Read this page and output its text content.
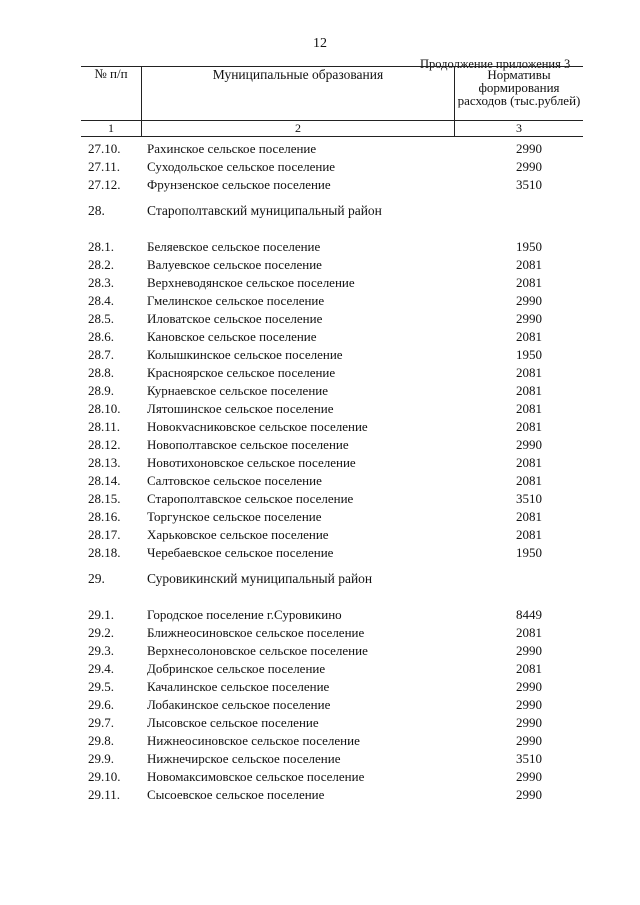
12
Продолжение приложения 3
№ п/п	Муниципальные образования	Нормативы формирования расходов (тыс.рублей)
1	2	3
27.10. Рахинское сельское поселение	2990
27.11. Суходольское сельское поселение	2990
27.12. Фрунзенское сельское поселение	3510
28.	Старополтавский муниципальный район
28.1.	Беляевское сельское поселение	1950
28.2.	Валуевское сельское поселение	2081
28.3.	Верхневодянское сельское поселение	2081
28.4.	Гмелинское сельское поселение	2990
28.5.	Иловатское сельское поселение	2990
28.6.	Кановское сельское поселение	2081
28.7.	Колышкинское сельское поселение	1950
28.8.	Красноярское сельское поселение	2081
28.9.	Курнаевское сельское поселение	2081
28.10. Лятошинское сельское поселение	2081
28.11. Новокvасниковское сельское поселение	2081
28.12. Новополтавское сельское поселение	2990
28.13. Новотихоновское сельское поселение	2081
28.14. Салтовское сельское поселение	2081
28.15. Старополтавское сельское поселение	3510
28.16. Торгунское сельское поселение	2081
28.17. Харьковское сельское поселение	2081
28.18. Черебаевское сельское поселение	1950
29.	Суровикинский муниципальный район
29.1.	Городское поселение г.Суровикино	8449
29.2.	Ближнеосиновское сельское поселение	2081
29.3.	Верхнесолоновское сельское поселение	2990
29.4.	Добринское сельское поселение	2081
29.5.	Качалинское сельское поселение	2990
29.6.	Лобакинское сельское поселение	2990
29.7.	Лысовское сельское поселение	2990
29.8.	Нижнеосиновское сельское поселение	2990
29.9.	Нижнечирское сельское поселение	3510
29.10. Новомаксимовское сельское поселение	2990
29.11. Сысоевское сельское поселение	2990
